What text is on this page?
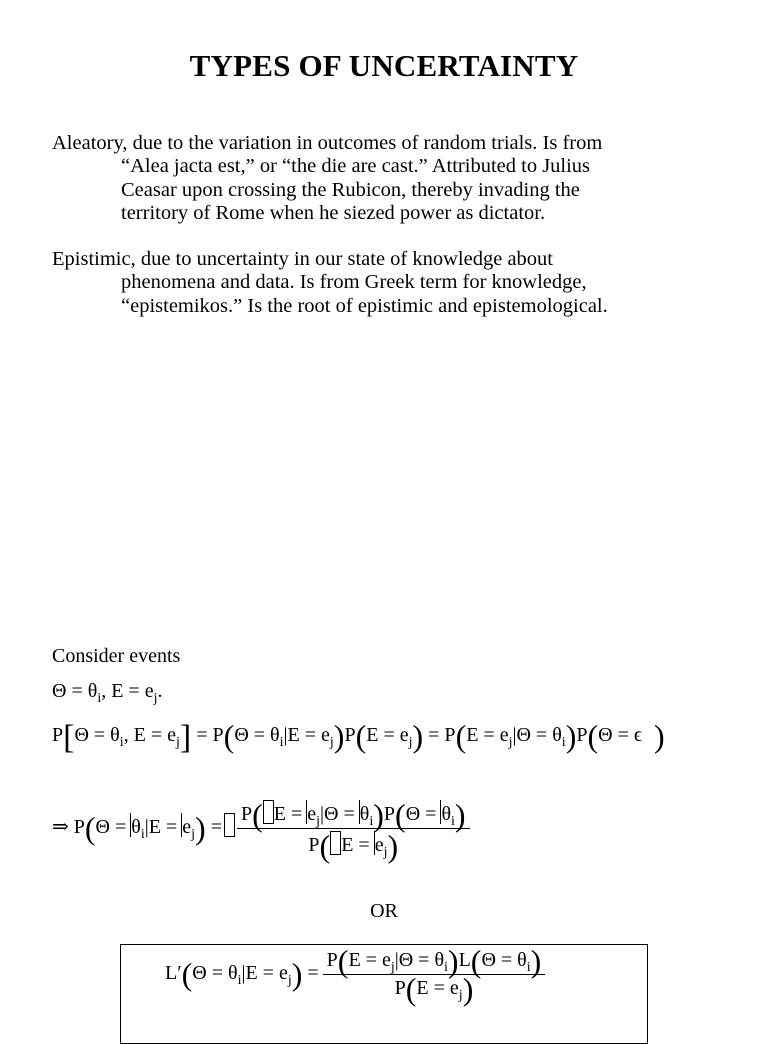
TYPES OF UNCERTAINTY
Aleatory, due to the variation in outcomes of random trials. Is from
“Alea jacta est,” or “the die are cast.” Attributed to Julius
Ceasar upon crossing the Rubicon, thereby invading the
territory of Rome when he siezed power as dictator.
Epistimic, due to uncertainty in our state of knowledge about
phenomena and data. Is from Greek term for knowledge,
“epistemikos.” Is the root of epistimic and epistemological.
Consider events
$\Theta = \theta_i$, $E = e_j$.
$P[\Theta = \theta_i$, $E = e_j] = P(\Theta = \theta_i|E = e_j)P(E = e_j) = P(E = e_j|\Theta = \theta_i)P(\Theta = \epsilon$ )
⇒ $P(\Theta = \theta_i|E = e_j) = \frac{P( E = e_j|\Theta = \theta_i)P(\Theta = \theta_i)}{P( E = e_j)}$
OR
$L'(\Theta = \theta_i|E = e_j) = \frac{P(E = e_j|\Theta = \theta_i)L(\Theta = \theta_i)}{P(E = e_j)}$
